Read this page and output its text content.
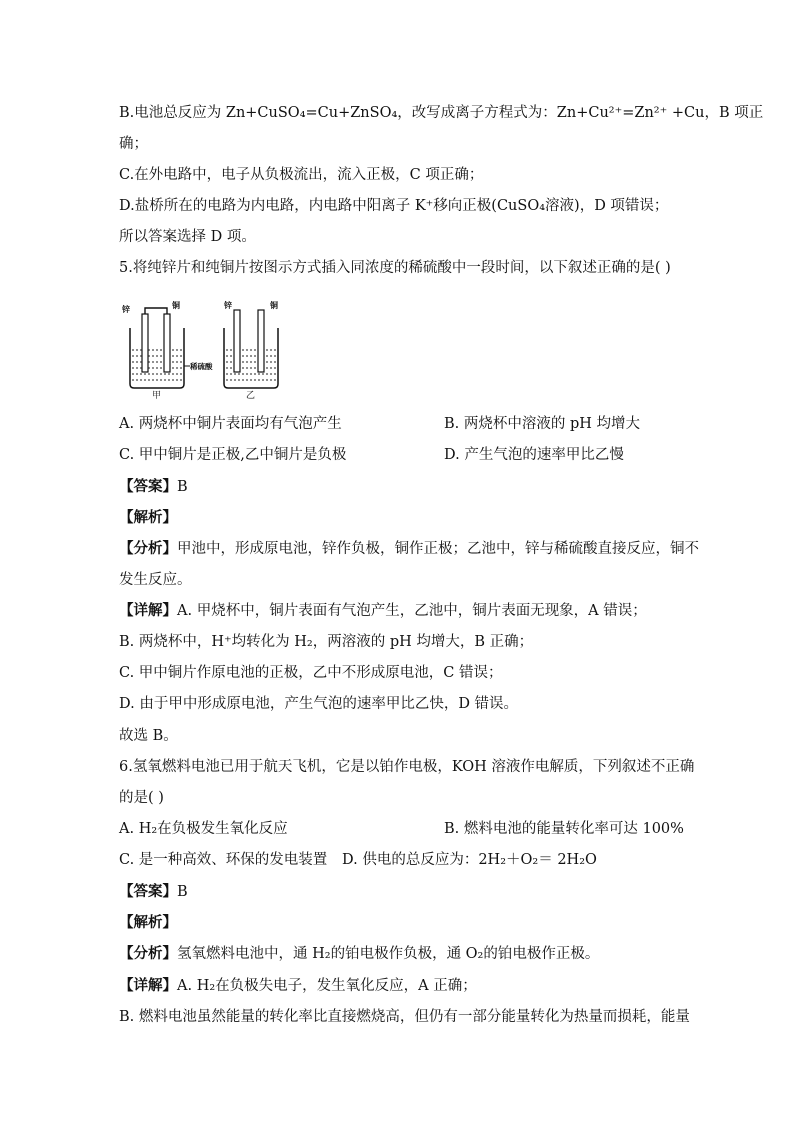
B.电池总反应为 Zn+CuSO₄=Cu+ZnSO₄，改写成离子方程式为：Zn+Cu²⁺=Zn²⁺ +Cu，B 项正
确；
C.在外电路中，电子从负极流出，流入正极，C 项正确；
D.盐桥所在的电路为内电路，内电路中阳离子 K⁺移向正极(CuSO₄溶液)，D 项错误；
所以答案选择 D 项。
5.将纯锌片和纯铜片按图示方式插入同浓度的稀硫酸中一段时间，以下叙述正确的是( )
锌	铜	锌	铜
稀硫酸
甲	乙
A. 两烧杯中铜片表面均有气泡产生	B. 两烧杯中溶液的 pH 均增大
C. 甲中铜片是正极,乙中铜片是负极	D. 产生气泡的速率甲比乙慢
【答案】B
【解析】
【分析】甲池中，形成原电池，锌作负极，铜作正极；乙池中，锌与稀硫酸直接反应，铜不
发生反应。
【详解】A. 甲烧杯中，铜片表面有气泡产生，乙池中，铜片表面无现象，A 错误；
B. 两烧杯中，H⁺均转化为 H₂，两溶液的 pH 均增大，B 正确；
C. 甲中铜片作原电池的正极，乙中不形成原电池，C 错误；
D. 由于甲中形成原电池，产生气泡的速率甲比乙快，D 错误。
故选 B。
6.氢氧燃料电池已用于航天飞机，它是以铂作电极，KOH 溶液作电解质，下列叙述不正确
的是( )
A. H₂在负极发生氧化反应	B. 燃料电池的能量转化率可达 100%
C. 是一种高效、环保的发电装置 D. 供电的总反应为：2H₂＋O₂＝ 2H₂O
【答案】B
【解析】
【分析】氢氧燃料电池中，通 H₂的铂电极作负极，通 O₂的铂电极作正极。
【详解】A. H₂在负极失电子，发生氧化反应，A 正确；
B. 燃料电池虽然能量的转化率比直接燃烧高，但仍有一部分能量转化为热量而损耗，能量
